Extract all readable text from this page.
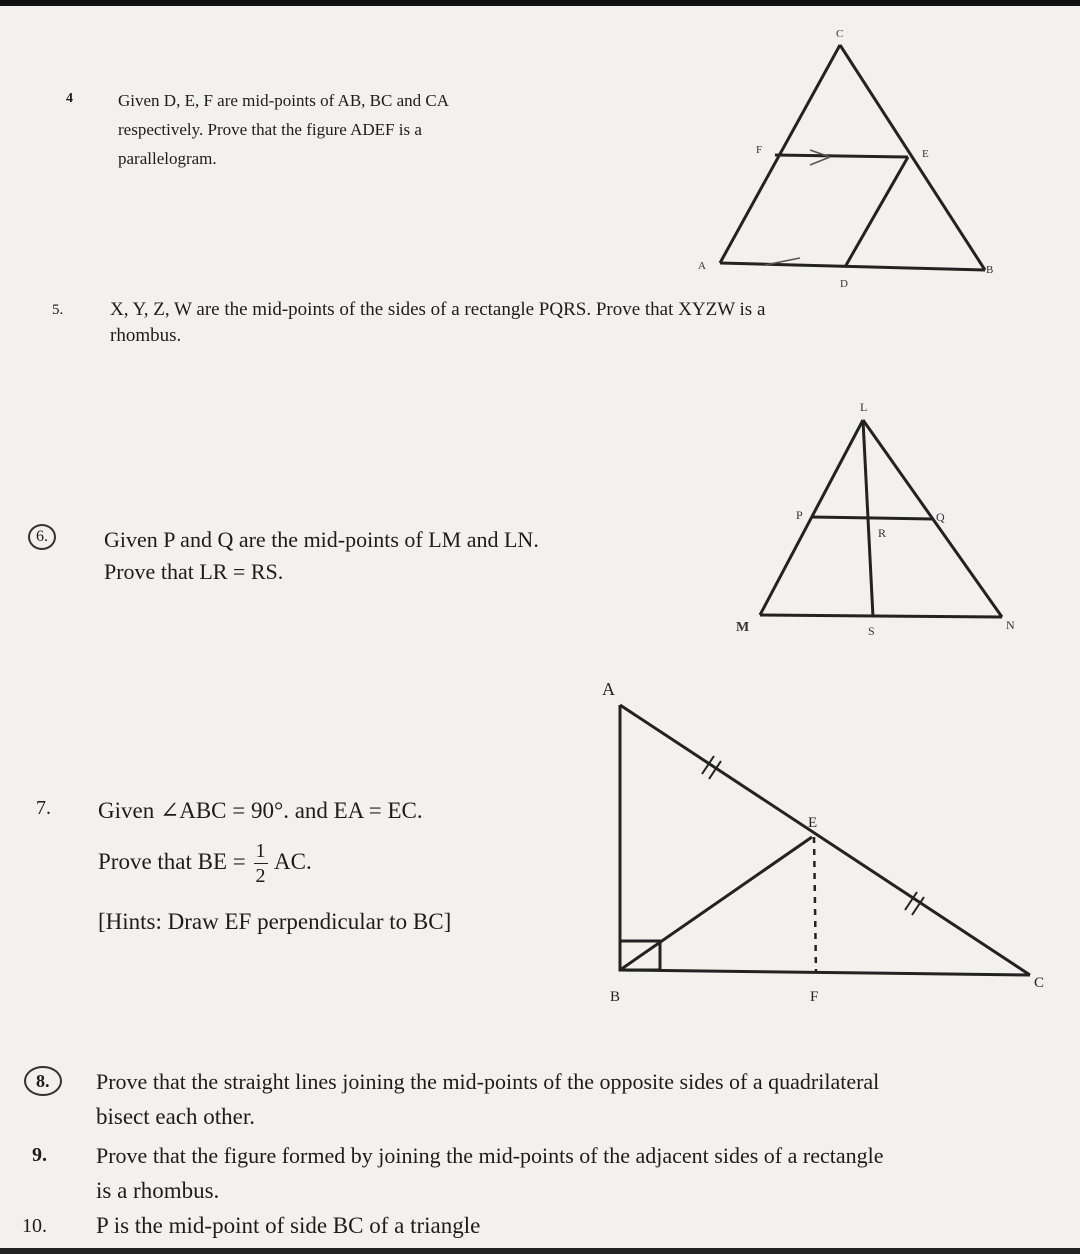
4	Given D, E, F are mid-points of AB, BC and CA
respectively. Prove that the figure ADEF is a
parallelogram.
C
F	E
A
D
B
5. X, Y, Z, W are the mid-points of the sides of a rectangle PQRS. Prove that XYZW is a
rhombus.
L
P
R
Q
M	S	N
6.	Given P and Q are the mid-points of LM and LN.
Prove that LR = RS.
A
E
B	F
C
7. Given ∠ABC = 90°. and EA = EC.
Prove that BE = $\frac{1}{2}$ AC.
[Hints: Draw EF perpendicular to BC]
8.	Prove that the straight lines joining the mid-points of the opposite sides of a quadrilateral
bisect each other.
9. Prove that the figure formed by joining the mid-points of the adjacent sides of a rectangle
is a rhombus.
10. P is the mid-point of side BC of a triangle
